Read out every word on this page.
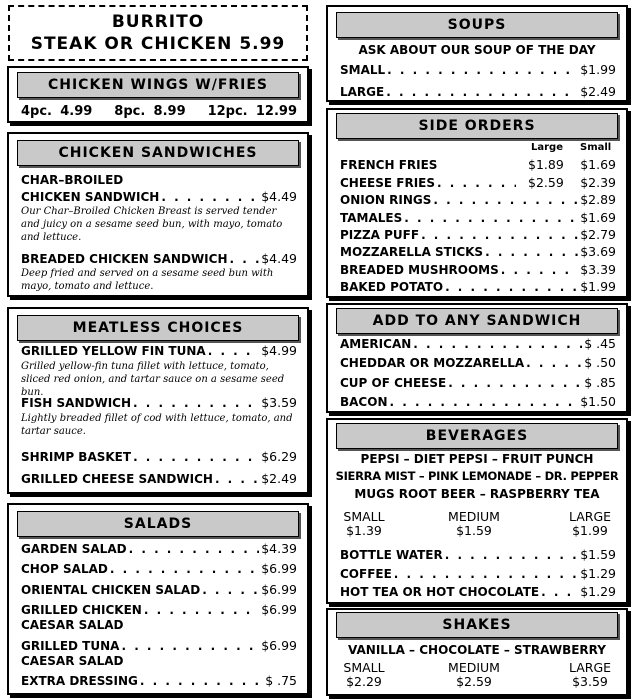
BURRITO
STEAK OR CHICKEN 5.99
CHICKEN WINGS W/FRIES
4pc. 4.99 8pc. 8.99 12pc. 12.99
CHICKEN SANDWICHES
CHAR–BROILED
CHICKEN SANDWICH . . .	$4.49
Our Char–Broiled Chicken Breast is served tender and juicy on a sesame seed bun, with mayo, tomato and lettuce.
BREADED CHICKEN SANDWICH . . .	$4.49
Deep fried and served on a sesame seed bun with mayo, tomato and lettuce.
MEATLESS CHOICES
GRILLED YELLOW FIN TUNA . . .	$4.99
Grilled yellow-fin tuna fillet with lettuce, tomato, sliced red onion, and tartar sauce on a sesame seed bun.
FISH SANDWICH . . .	$3.59
Lightly breaded fillet of cod with lettuce, tomato, and tartar sauce.
SHRIMP BASKET . . .	$6.29
GRILLED CHEESE SANDWICH . . .	$2.49
SALADS
GARDEN SALAD . . .	$4.39
CHOP SALAD . . .	$6.99
ORIENTAL CHICKEN SALAD . . .	$6.99
GRILLED CHICKEN . . .	$6.99
CAESAR SALAD
GRILLED TUNA . . .	$6.99
CAESAR SALAD
EXTRA DRESSING . . .	$ .75
SOUPS
ASK ABOUT OUR SOUP OF THE DAY
SMALL . . .	$1.99
LARGE . . .	$2.49
SIDE ORDERS
Large Small
FRENCH FRIES	$1.89 $1.69
CHEESE FRIES . . .	$2.59 $2.39
ONION RINGS . . .	$2.89
TAMALES . . .	$1.69
PIZZA PUFF . . .	$2.79
MOZZARELLA STICKS . . .	$3.69
BREADED MUSHROOMS . . .	$3.39
BAKED POTATO . . .	$1.99
ADD TO ANY SANDWICH
AMERICAN . . .	$ .45
CHEDDAR OR MOZZARELLA . . .	$ .50
CUP OF CHEESE . . .	$ .85
BACON . . .	$1.50
BEVERAGES
PEPSI – DIET PEPSI – FRUIT PUNCH
SIERRA MIST – PINK LEMONADE – DR. PEPPER
MUGS ROOT BEER – RASPBERRY TEA
SMALL
$1.39
MEDIUM
$1.59
LARGE
$1.99
BOTTLE WATER . . .	$1.59
COFFEE . . .	$1.29
HOT TEA OR HOT CHOCOLATE . . .	$1.29
SHAKES
VANILLA – CHOCOLATE – STRAWBERRY
SMALL
$2.29
MEDIUM
$2.59
LARGE
$3.59
